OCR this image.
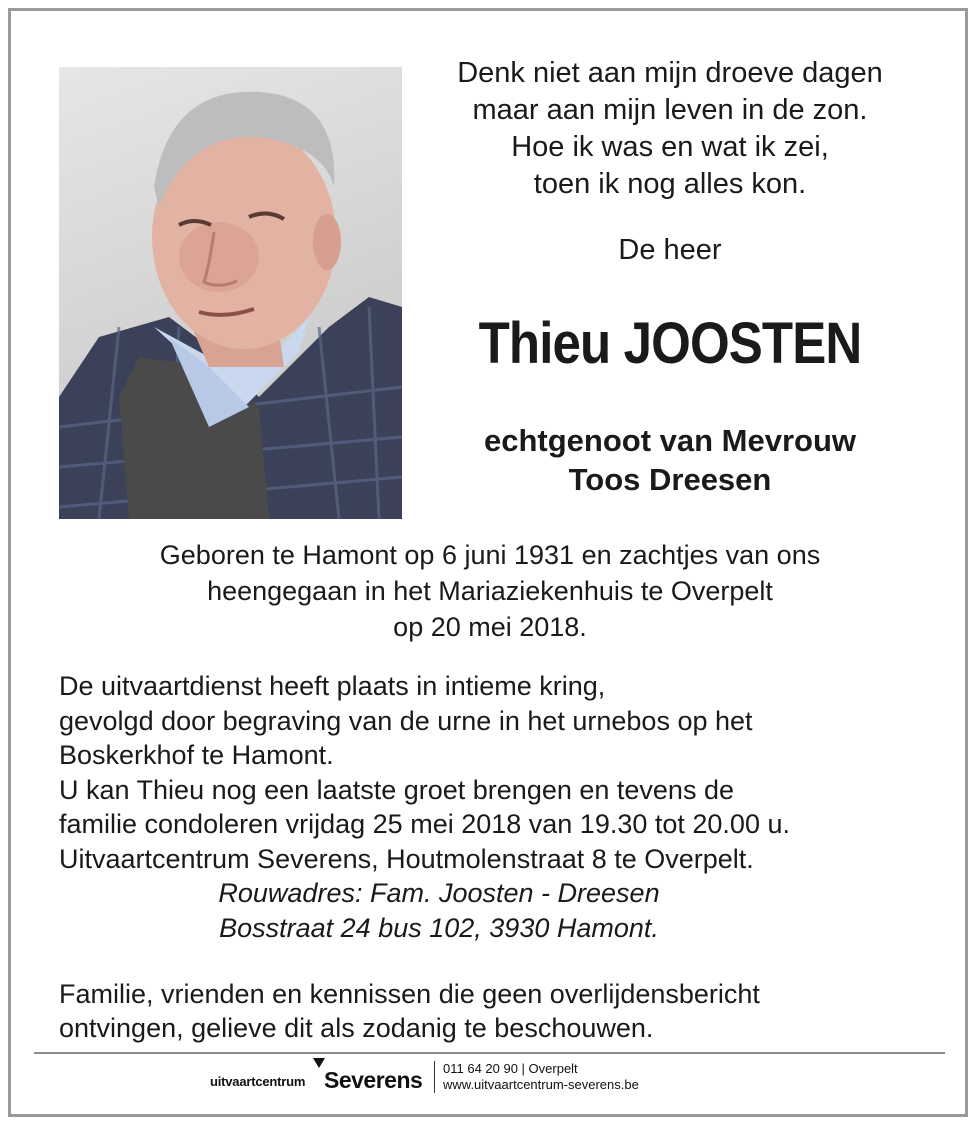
Denk niet aan mijn droeve dagen
maar aan mijn leven in de zon.
Hoe ik was en wat ik zei,
toen ik nog alles kon.
De heer
Thieu JOOSTEN
echtgenoot van Mevrouw
Toos Dreesen
Geboren te Hamont op 6 juni 1931 en zachtjes van ons
heengegaan in het Mariaziekenhuis te Overpelt
op 20 mei 2018.
De uitvaartdienst heeft plaats in intieme kring,
gevolgd door begraving van de urne in het urnebos op het
Boskerkhof te Hamont.
U kan Thieu nog een laatste groet brengen en tevens de
familie condoleren vrijdag 25 mei 2018 van 19.30 tot 20.00 u.
Uitvaartcentrum Severens, Houtmolenstraat 8 te Overpelt.
Rouwadres: Fam. Joosten - Dreesen
Bosstraat 24 bus 102, 3930 Hamont.
Familie, vrienden en kennissen die geen overlijdensbericht
ontvingen, gelieve dit als zodanig te beschouwen.
uitvaartcentrum Severens 011 64 20 90 | Overpelt
www.uitvaartcentrum-severens.be
